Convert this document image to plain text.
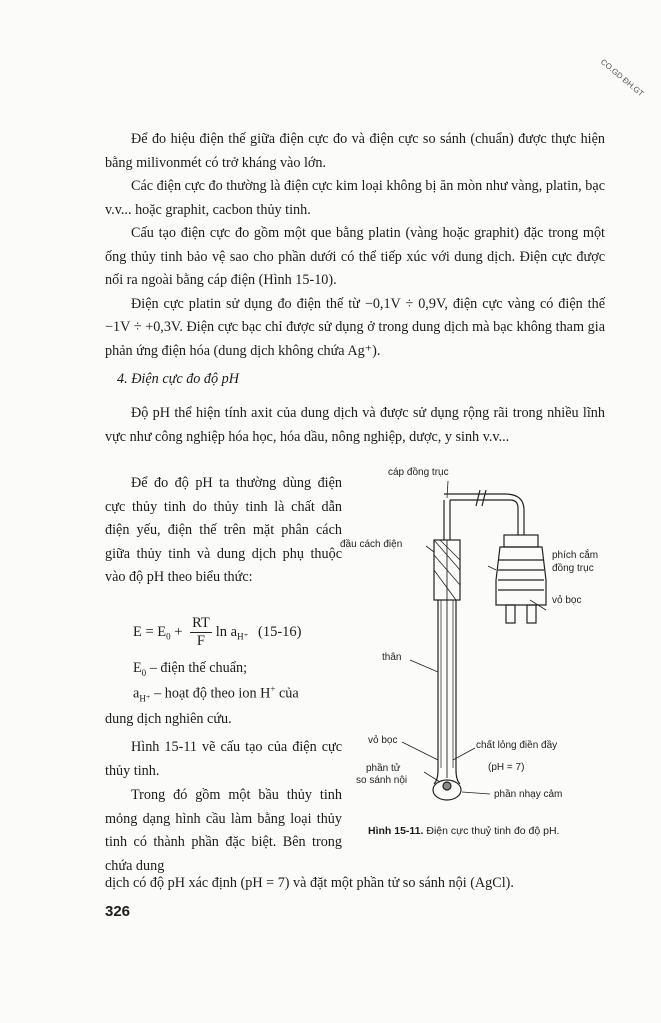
CO.GD ĐH.GT

Để đo hiệu điện thế giữa điện cực đo và điện cực so sánh (chuẩn) được thực hiện bằng milivonmét có trở kháng vào lớn.

Các điện cực đo thường là điện cực kim loại không bị ăn mòn như vàng, platin, bạc v.v... hoặc graphit, cacbon thủy tinh.

Cấu tạo điện cực đo gồm một que bằng platin (vàng hoặc graphit) đặc trong một ống thủy tinh bảo vệ sao cho phần dưới có thể tiếp xúc với dung dịch. Điện cực được nối ra ngoài bằng cáp điện (Hình 15-10).

Điện cực platin sử dụng đo điện thế từ −0,1V ÷ 0,9V, điện cực vàng có điện thế −1V ÷ +0,3V. Điện cực bạc chỉ được sử dụng ở trong dung dịch mà bạc không tham gia phản ứng điện hóa (dung dịch không chứa Ag⁺).

4. Điện cực đo độ pH

Độ pH thể hiện tính axit của dung dịch và được sử dụng rộng rãi trong nhiều lĩnh vực như công nghiệp hóa học, hóa dầu, nông nghiệp, dược, y sinh v.v...

Để đo độ pH ta thường dùng điện cực thủy tinh do thủy tinh là chất dẫn điện yếu, điện thế trên mặt phân cách giữa thủy tinh và dung dịch phụ thuộc vào độ pH theo biểu thức:

$E = E_0 + \frac{RT}{F}$ $\ln a_{H^+}$ (15-16)
$E_0$ – điện thế chuẩn;
$a_{H^+}$ – hoạt độ theo ion H+ của
dung dịch nghiên cứu.

Hình 15-11 vẽ cấu tạo của điện cực thủy tinh.

Trong đó gồm một bầu thủy tinh mỏng dạng hình cầu làm bằng loại thủy tinh có thành phần đặc biệt. Bên trong chứa dung

dịch có độ pH xác định (pH = 7) và đặt một phần tử so sánh nội (AgCl).
cáp đồng trục
đầu cách điện
phích cắm
đồng trục
vỏ bọc
thân
vỏ bọc	chất lỏng điền đầy
(pH = 7)
phần tử
so sánh nội
phần nhạy cảm
Hình 15-11. Điện cực thuỷ tinh đo độ pH.
326
